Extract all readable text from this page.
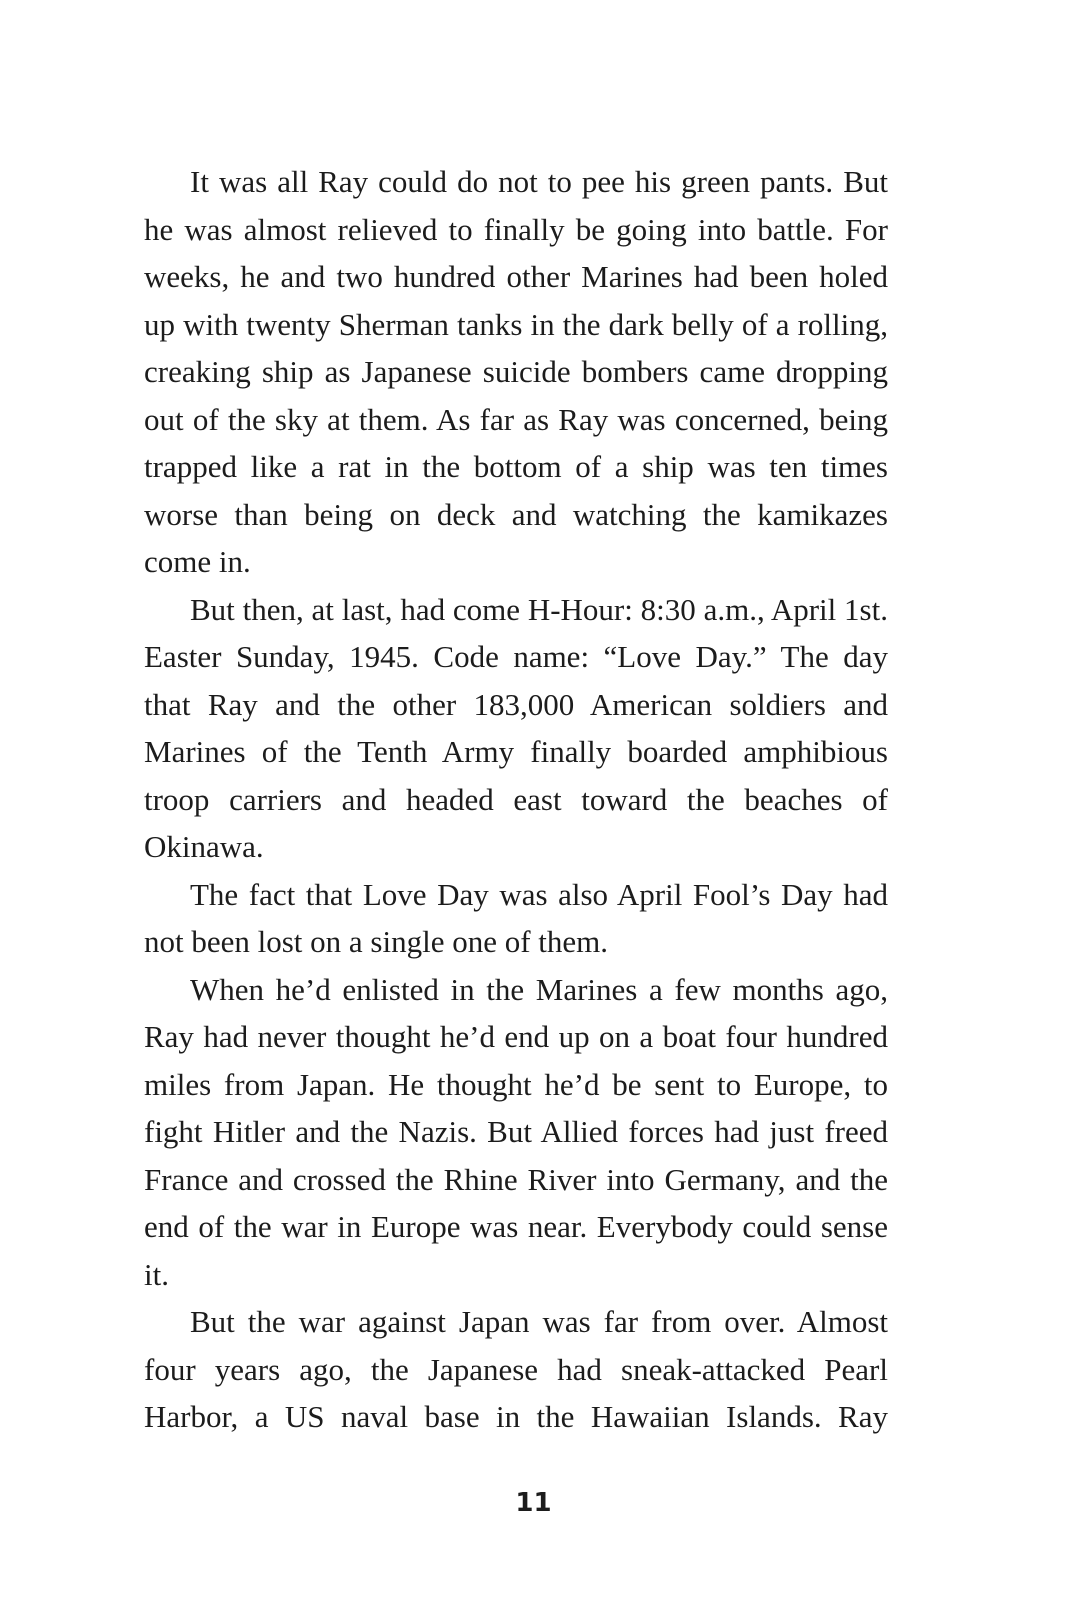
It was all Ray could do not to pee his green pants. But he was almost relieved to finally be going into battle. For weeks, he and two hundred other Marines had been holed up with twenty Sherman tanks in the dark belly of a rolling, creaking ship as Japanese suicide bombers came dropping out of the sky at them. As far as Ray was concerned, being trapped like a rat in the bottom of a ship was ten times worse than being on deck and watching the kamikazes come in.

But then, at last, had come H-Hour: 8:30 a.m., April 1st. Easter Sunday, 1945. Code name: “Love Day.” The day that Ray and the other 183,000 American soldiers and Marines of the Tenth Army finally boarded amphibious troop carriers and headed east toward the beaches of Okinawa.

The fact that Love Day was also April Fool’s Day had not been lost on a single one of them.

When he’d enlisted in the Marines a few months ago, Ray had never thought he’d end up on a boat four hundred miles from Japan. He thought he’d be sent to Europe, to fight Hitler and the Nazis. But Allied forces had just freed France and crossed the Rhine River into Germany, and the end of the war in Europe was near. Everybody could sense it.

But the war against Japan was far from over. Almost four years ago, the Japanese had sneak-attacked Pearl Harbor, a US naval base in the Hawaiian Islands. Ray

11
